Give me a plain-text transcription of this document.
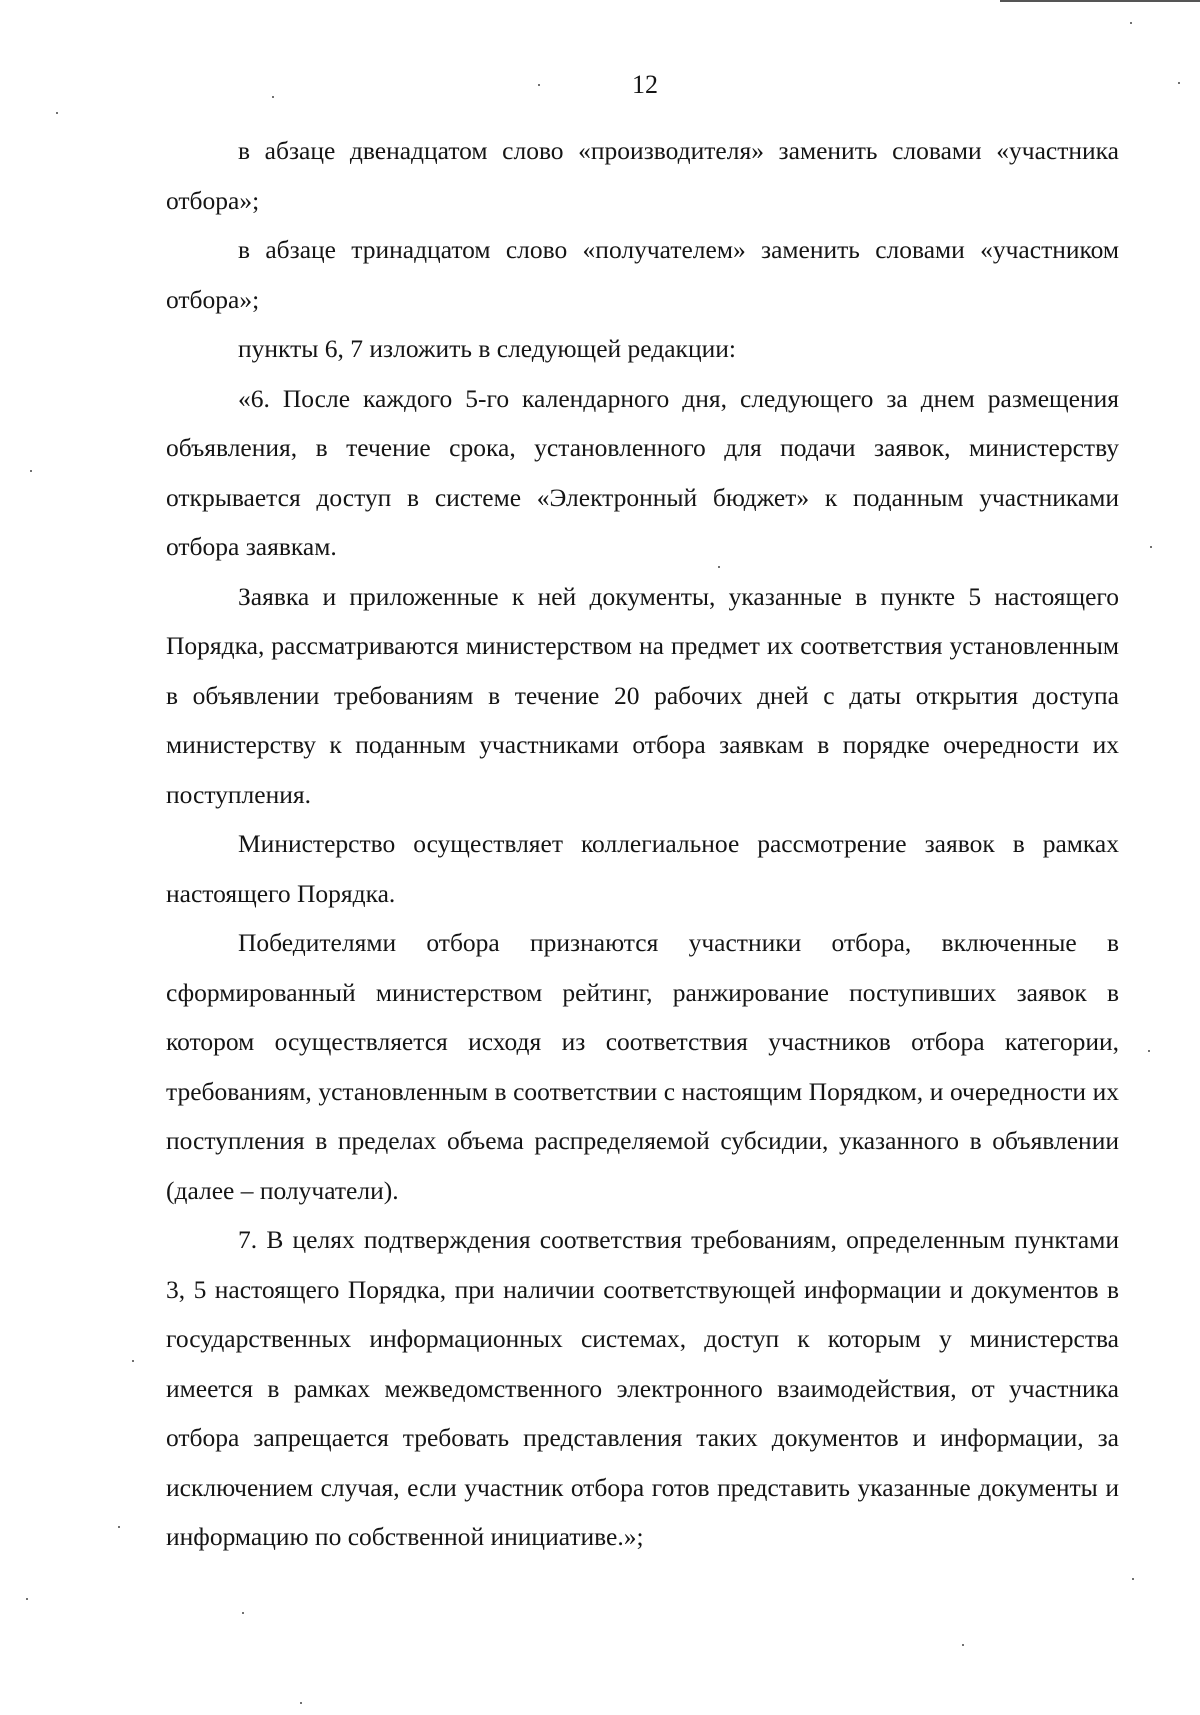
12

в абзаце двенадцатом слово «производителя» заменить словами «участника отбора»;

в абзаце тринадцатом слово «получателем» заменить словами «участником отбора»;

пункты 6, 7 изложить в следующей редакции:

«6. После каждого 5-го календарного дня, следующего за днем размещения объявления, в течение срока, установленного для подачи заявок, министерству открывается доступ в системе «Электронный бюджет» к поданным участниками отбора заявкам.

Заявка и приложенные к ней документы, указанные в пункте 5 настоящего Порядка, рассматриваются министерством на предмет их соответствия установленным в объявлении требованиям в течение 20 рабочих дней с даты открытия доступа министерству к поданным участниками отбора заявкам в порядке очередности их поступления.

Министерство осуществляет коллегиальное рассмотрение заявок в рамках настоящего Порядка.

Победителями отбора признаются участники отбора, включенные в сформированный министерством рейтинг, ранжирование поступивших заявок в котором осуществляется исходя из соответствия участников отбора категории, требованиям, установленным в соответствии с настоящим Порядком, и очередности их поступления в пределах объема распределяемой субсидии, указанного в объявлении (далее – получатели).

7. В целях подтверждения соответствия требованиям, определенным пунктами 3, 5 настоящего Порядка, при наличии соответствующей информации и документов в государственных информационных системах, доступ к которым у министерства имеется в рамках межведомственного электронного взаимодействия, от участника отбора запрещается требовать представления таких документов и информации, за исключением случая, если участник отбора готов представить указанные документы и информацию по собственной инициативе.»;
